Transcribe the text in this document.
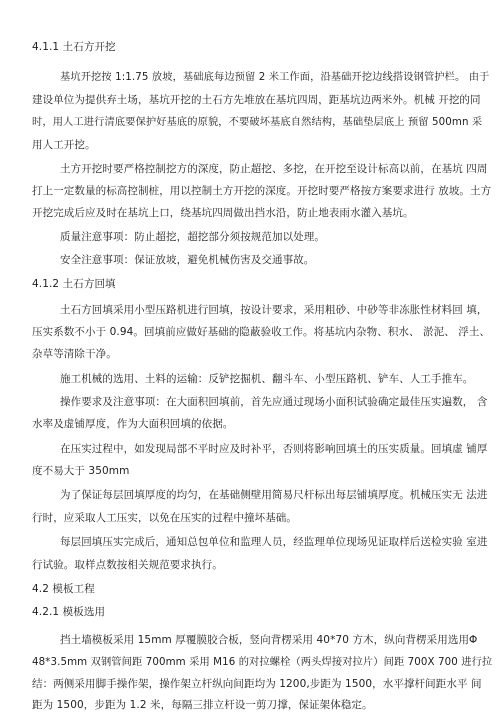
4.1.1 土石方开挖
基坑开挖按 1:1.75 放坡，基础底每边预留 2 米工作面，沿基础开挖边线搭设钢管护栏。 由于
建设单位为提供弃土场，基坑开挖的土石方先堆放在基坑四周，距基坑边两米外。机械 开挖的同
时，用人工进行清底要保护好基底的原貌，不要破坏基底自然结构，基础垫层底上 预留 500mn 采
用人工开挖。
土方开挖时要严格控制挖方的深度，防止超挖、多挖，在开挖至设计标高以前，在基坑 四周
打上一定数量的标高控制桩，用以控制土方开挖的深度。开挖时要严格按方案要求进行 放坡。土方
开挖完成后应及时在基坑上口，绕基坑四周做出挡水沿，防止地表雨水灌入基坑。
质量注意事项：防止超挖，超挖部分须按规范加以处理。
安全注意事项：保证放坡，避免机械伤害及交通事故。
4.1.2 土石方回填
土石方回填采用小型压路机进行回填，按设计要求，采用粗砂、中砂等非冻胀性材料回 填，
压实系数不小于 0.94。回填前应做好基础的隐蔽验收工作。将基坑内杂物、积水、 淤泥、 浮土、
杂草等清除干净。
施工机械的选用、土料的运输：反铲挖掘机、翻斗车、小型压路机、铲车、人工手推车。
操作要求及注意事项：在大面积回填前，首先应通过现场小面积试验确定最佳压实遍数， 含
水率及虚铺厚度，作为大面积回填的依据。
在压实过程中，如发现局部不平时应及时补平，否则将影响回填土的压实质量。回填虚 铺厚
度不易大于 350mm
为了保证每层回填厚度的均匀，在基础侧壁用简易尺杆标出每层铺填厚度。机械压实无 法进
行时，应采取人工压实，以免在压实的过程中撞坏基础。
每层回填压实完成后，通知总包单位和监理人员，经监理单位现场见证取样后送检实验 室进
行试验。取样点数按相关规范要求执行。
4.2 模板工程
4.2.1 模板选用
挡土墙模板采用 15mm 厚覆膜胶合板，竖向背楞采用 40*70 方木，纵向背楞采用选用Φ
48*3.5mm 双钢管间距 700mm 采用 M16 的对拉螺栓（两头焊接对拉片）间距 700X 700 进行拉
结：两侧采用脚手操作架，操作架立杆纵向间距均为 1200,步距为 1500，水平撑杆间距水平 间
距为 1500，步距为 1.2 米，每隔三排立杆设一剪刀撑，保证架体稳定。
